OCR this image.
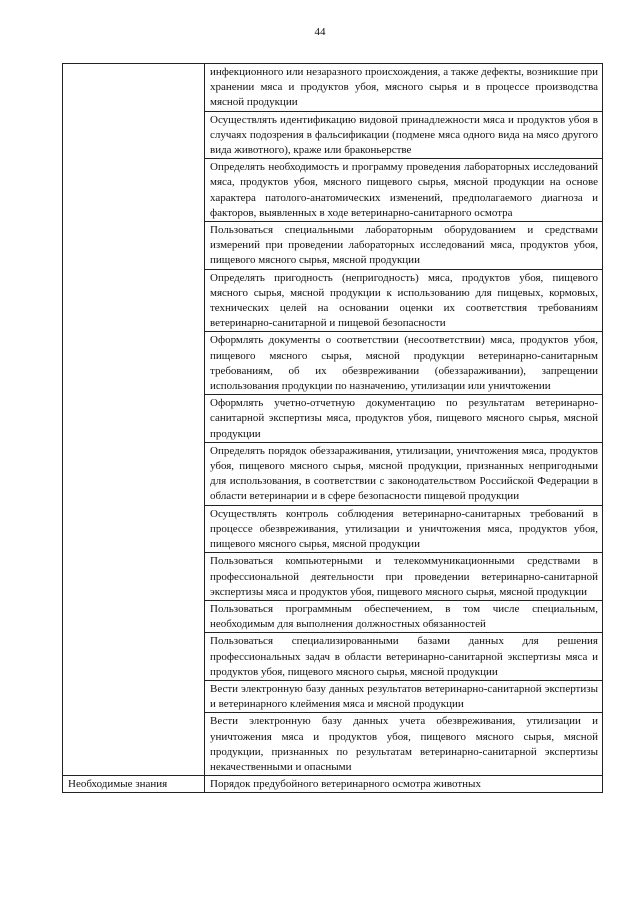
44

	инфекционного или незаразного происхождения, а также дефекты, возникшие при хранении мяса и продуктов убоя, мясного сырья и в процессе производства мясной продукции

	Осуществлять идентификацию видовой принадлежности мяса и продуктов убоя в случаях подозрения в фальсификации (подмене мяса одного вида на мясо другого вида животного), краже или браконьерстве

	Определять необходимость и программу проведения лабораторных исследований мяса, продуктов убоя, мясного пищевого сырья, мясной продукции на основе характера патолого-анатомических изменений, предполагаемого диагноза и факторов, выявленных в ходе ветеринарно-санитарного осмотра

	Пользоваться специальными лабораторным оборудованием и средствами измерений при проведении лабораторных исследований мяса, продуктов убоя, пищевого мясного сырья, мясной продукции

	Определять пригодность (непригодность) мяса, продуктов убоя, пищевого мясного сырья, мясной продукции к использованию для пищевых, кормовых, технических целей на основании оценки их соответствия требованиям ветеринарно-санитарной и пищевой безопасности

	Оформлять документы о соответствии (несоответствии) мяса, продуктов убоя, пищевого мясного сырья, мясной продукции ветеринарно-санитарным требованиям, об их обезвреживании (обеззараживании), запрещении использования продукции по назначению, утилизации или уничтожении

	Оформлять учетно-отчетную документацию по результатам ветеринарно-санитарной экспертизы мяса, продуктов убоя, пищевого мясного сырья, мясной продукции

	Определять порядок обеззараживания, утилизации, уничтожения мяса, продуктов убоя, пищевого мясного сырья, мясной продукции, признанных непригодными для использования, в соответствии с законодательством Российской Федерации в области ветеринарии и в сфере безопасности пищевой продукции

	Осуществлять контроль соблюдения ветеринарно-санитарных требований в процессе обезвреживания, утилизации и уничтожения мяса, продуктов убоя, пищевого мясного сырья, мясной продукции

	Пользоваться компьютерными и телекоммуникационными средствами в профессиональной деятельности при проведении ветеринарно-санитарной экспертизы мяса и продуктов убоя, пищевого мясного сырья, мясной продукции

	Пользоваться программным обеспечением, в том числе специальным, необходимым для выполнения должностных обязанностей

	Пользоваться специализированными базами данных для решения профессиональных задач в области ветеринарно-санитарной экспертизы мяса и продуктов убоя, пищевого мясного сырья, мясной продукции

	Вести электронную базу данных результатов ветеринарно-санитарной экспертизы и ветеринарного клеймения мяса и мясной продукции

	Вести электронную базу данных учета обезвреживания, утилизации и уничтожения мяса и продуктов убоя, пищевого мясного сырья, мясной продукции, признанных по результатам ветеринарно-санитарной экспертизы некачественными и опасными

Необходимые знания	Порядок предубойного ветеринарного осмотра животных
